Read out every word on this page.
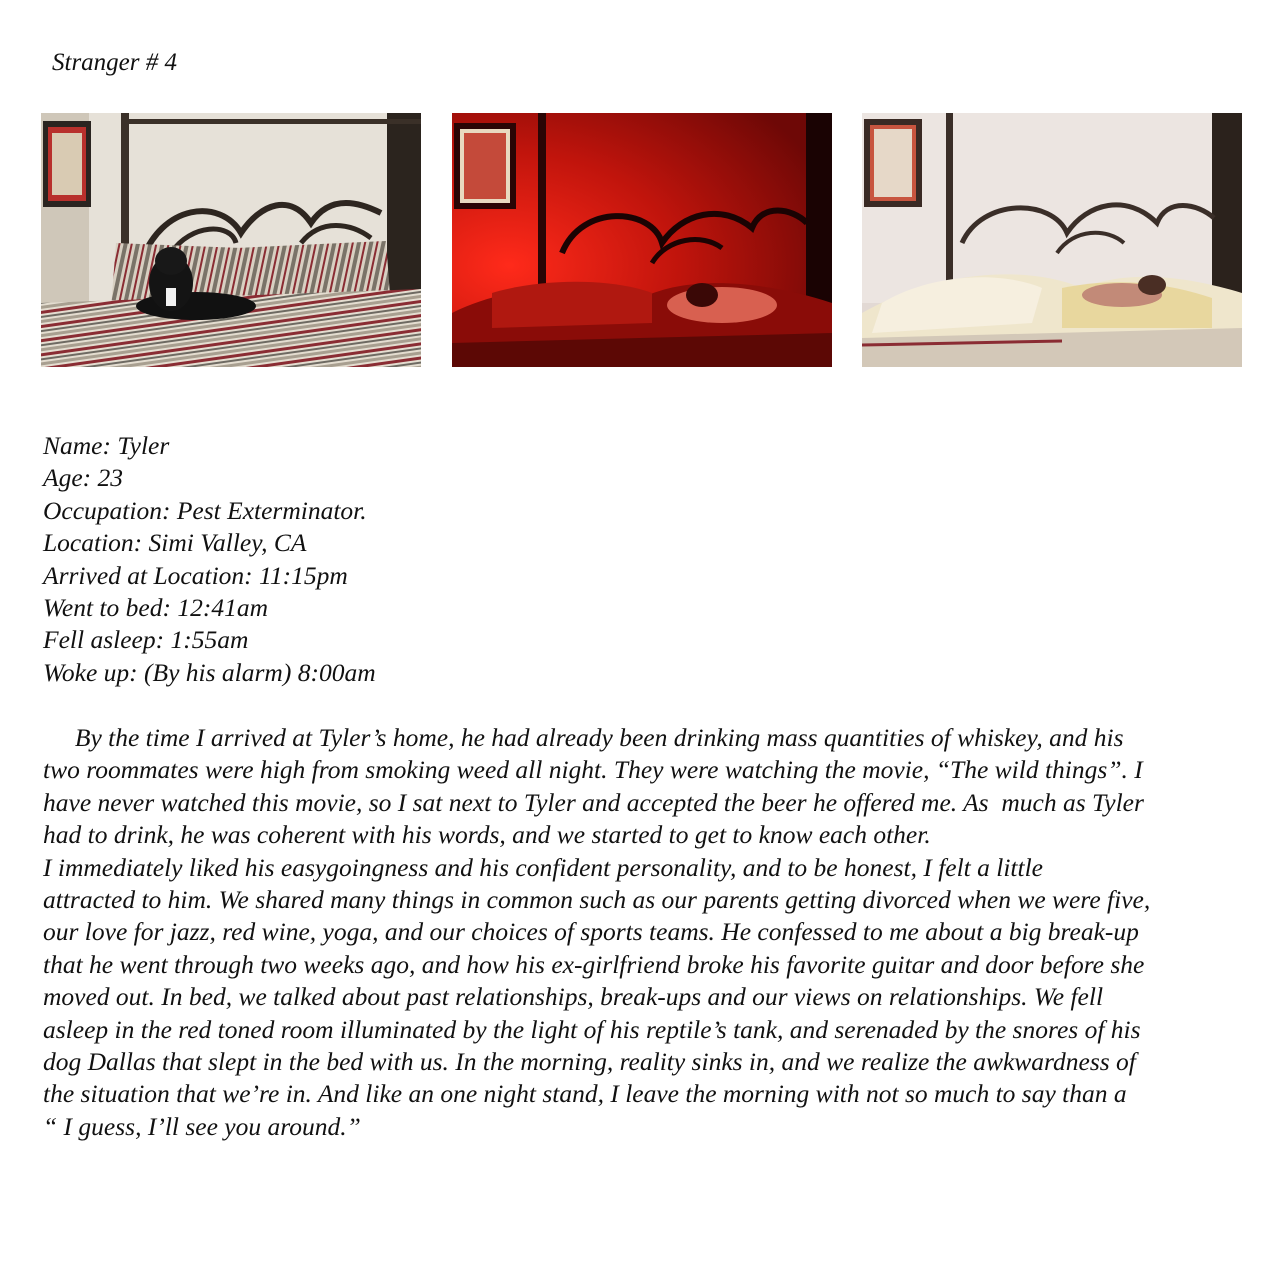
Stranger # 4
Name: Tyler
Age: 23
Occupation: Pest Exterminator.
Location: Simi Valley, CA
Arrived at Location: 11:15pm
Went to bed: 12:41am
Fell asleep: 1:55am
Woke up: (By his alarm) 8:00am
By the time I arrived at Tyler’s home, he had already been drinking mass quantities of whiskey, and his
two roommates were high from smoking weed all night. They were watching the movie, “The wild things”. I
have never watched this movie, so I sat next to Tyler and accepted the beer he offered me. As  much as Tyler
had to drink, he was coherent with his words, and we started to get to know each other.
I immediately liked his easygoingness and his confident personality, and to be honest, I felt a little
attracted to him. We shared many things in common such as our parents getting divorced when we were five,
our love for jazz, red wine, yoga, and our choices of sports teams. He confessed to me about a big break-up
that he went through two weeks ago, and how his ex-girlfriend broke his favorite guitar and door before she
moved out. In bed, we talked about past relationships, break-ups and our views on relationships. We fell
asleep in the red toned room illuminated by the light of his reptile’s tank, and serenaded by the snores of his
dog Dallas that slept in the bed with us. In the morning, reality sinks in, and we realize the awkwardness of
the situation that we’re in. And like an one night stand, I leave the morning with not so much to say than a
“ I guess, I’ll see you around.”
